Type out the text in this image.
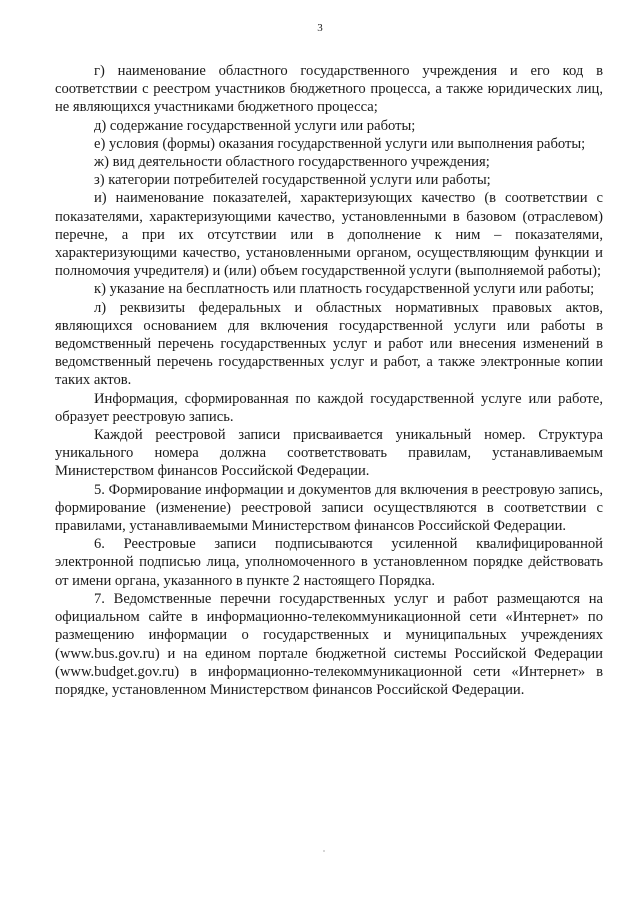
3

г) наименование областного государственного учреждения и его код в соответствии с реестром участников бюджетного процесса, а также юридических лиц, не являющихся участниками бюджетного процесса;

д) содержание государственной услуги или работы;

е) условия (формы) оказания государственной услуги или выполнения работы;

ж) вид деятельности областного государственного учреждения;

з) категории потребителей государственной услуги или работы;

и) наименование показателей, характеризующих качество (в соответствии с показателями, характеризующими качество, установленными в базовом (отраслевом) перечне, а при их отсутствии или в дополнение к ним – показателями, характеризующими качество, установленными органом, осуществляющим функции и полномочия учредителя) и (или) объем государственной услуги (выполняемой работы);

к) указание на бесплатность или платность государственной услуги или работы;

л) реквизиты федеральных и областных нормативных правовых актов, являющихся основанием для включения государственной услуги или работы в ведомственный перечень государственных услуг и работ или внесения изменений в ведомственный перечень государственных услуг и работ, а также электронные копии таких актов.

Информация, сформированная по каждой государственной услуге или работе, образует реестровую запись.

Каждой реестровой записи присваивается уникальный номер. Структура уникального номера должна соответствовать правилам, устанавливаемым Министерством финансов Российской Федерации.

5. Формирование информации и документов для включения в реестровую запись, формирование (изменение) реестровой записи осуществляются в соответствии с правилами, устанавливаемыми Министерством финансов Российской Федерации.

6. Реестровые записи подписываются усиленной квалифицированной электронной подписью лица, уполномоченного в установленном порядке действовать от имени органа, указанного в пункте 2 настоящего Порядка.

7. Ведомственные перечни государственных услуг и работ размещаются на официальном сайте в информационно-телекоммуникационной сети «Интернет» по размещению информации о государственных и муниципальных учреждениях (www.bus.gov.ru) и на едином портале бюджетной системы Российской Федерации (www.budget.gov.ru) в информационно-телекоммуникационной сети «Интернет» в порядке, установленном Министерством финансов Российской Федерации.
